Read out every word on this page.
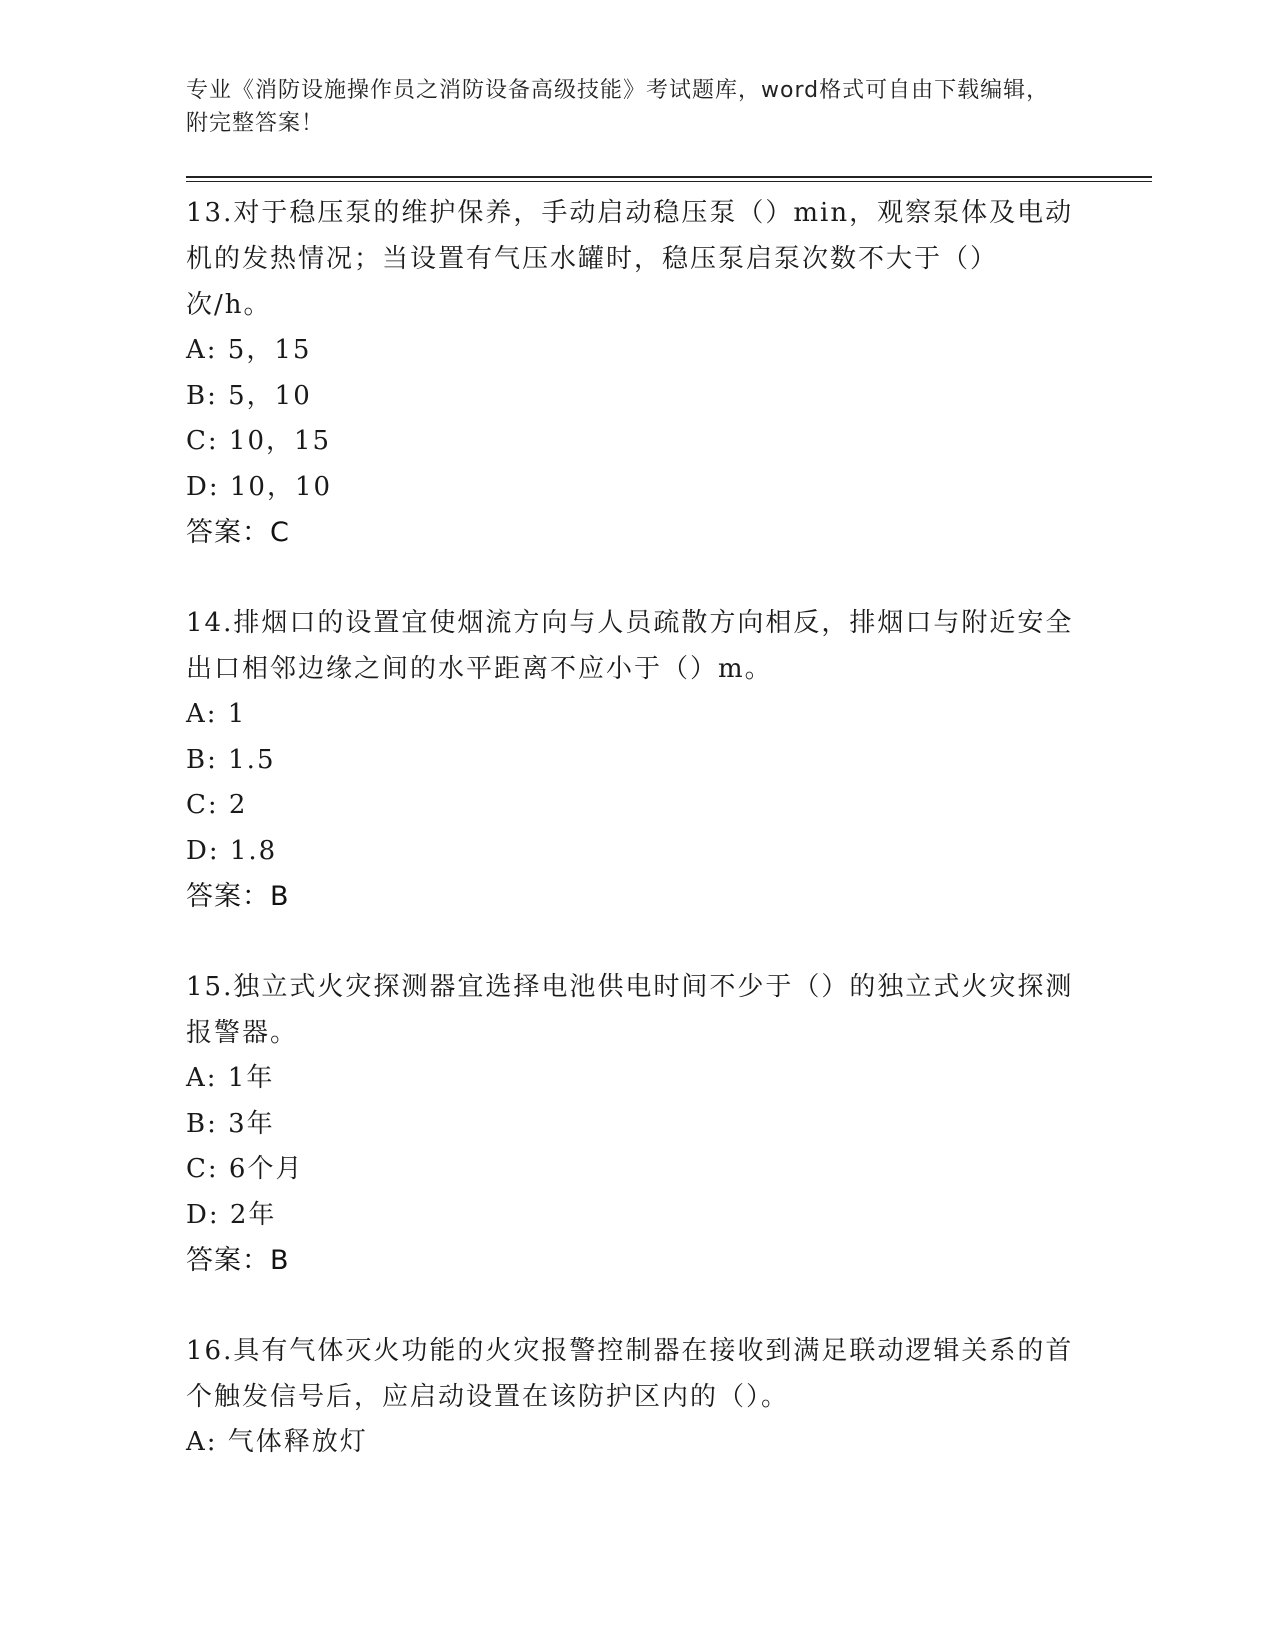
专业《消防设施操作员之消防设备高级技能》考试题库，word格式可自由下载编辑，附完整答案！

13.对于稳压泵的维护保养，手动启动稳压泵（）min，观察泵体及电动机的发热情况；当设置有气压水罐时，稳压泵启泵次数不大于（）次/h。

A: 5，15

B: 5，10

C: 10，15

D: 10，10

答案：C

14.排烟口的设置宜使烟流方向与人员疏散方向相反，排烟口与附近安全出口相邻边缘之间的水平距离不应小于（）m。

A: 1

B: 1.5

C: 2

D: 1.8

答案：B

15.独立式火灾探测器宜选择电池供电时间不少于（）的独立式火灾探测报警器。

A: 1年

B: 3年

C: 6个月

D: 2年

答案：B

16.具有气体灭火功能的火灾报警控制器在接收到满足联动逻辑关系的首个触发信号后，应启动设置在该防护区内的（）。

A: 气体释放灯
